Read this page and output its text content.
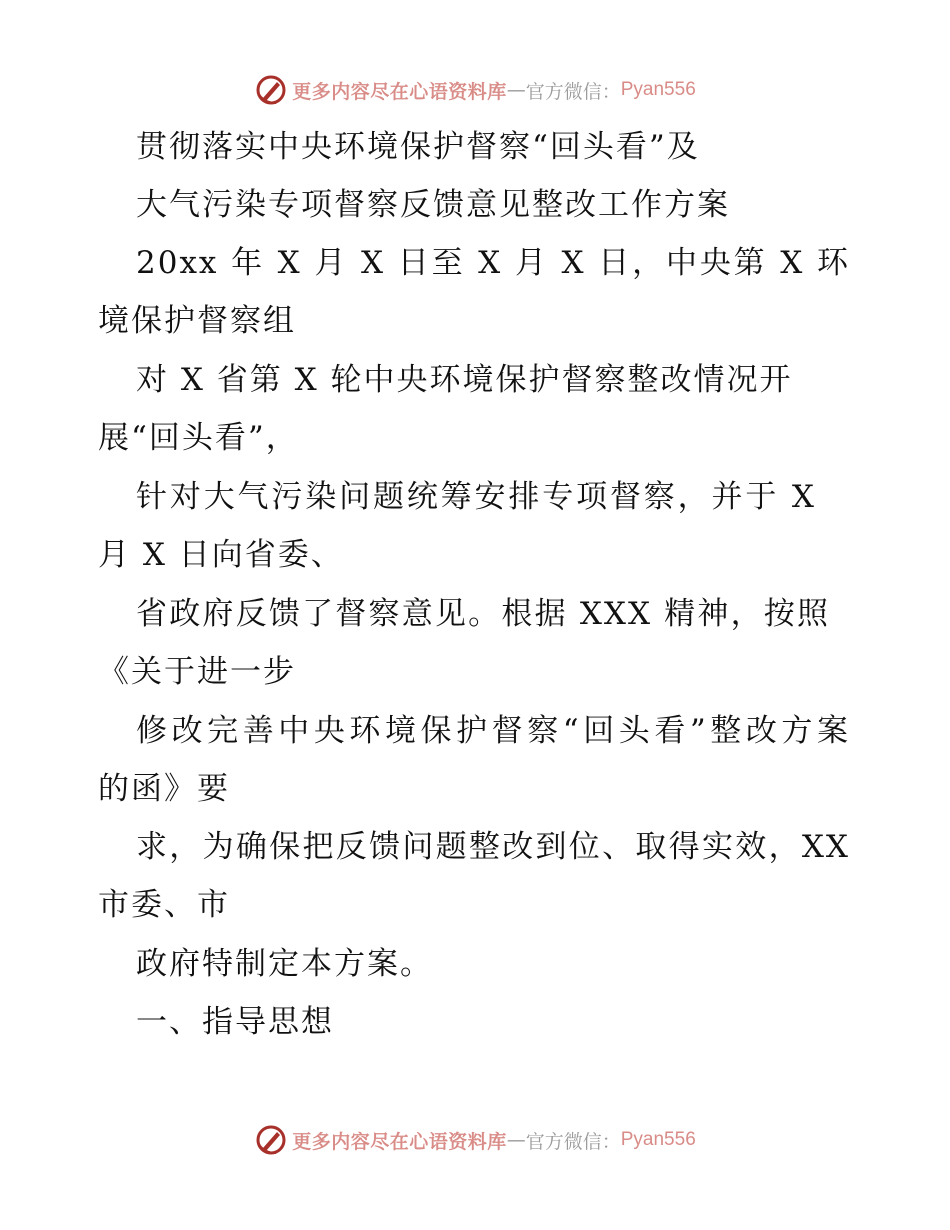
更多内容尽在心语资料库 — 官方微信： Pyan556
贯彻落实中央环境保护督察“回头看”及
大气污染专项督察反馈意见整改工作方案
20xx 年 X 月 X 日至 X 月 X 日，中央第 X 环
境保护督察组
对 X 省第 X 轮中央环境保护督察整改情况开
展“回头看”，
针对大气污染问题统筹安排专项督察，并于 X
月 X 日向省委、
省政府反馈了督察意见。根据 XXX 精神，按照
《关于进一步
修改完善中央环境保护督察“回头看”整改方案
的函》要
求，为确保把反馈问题整改到位、取得实效，XX
市委、市
政府特制定本方案。
一、指导思想
更多内容尽在心语资料库 — 官方微信： Pyan556
